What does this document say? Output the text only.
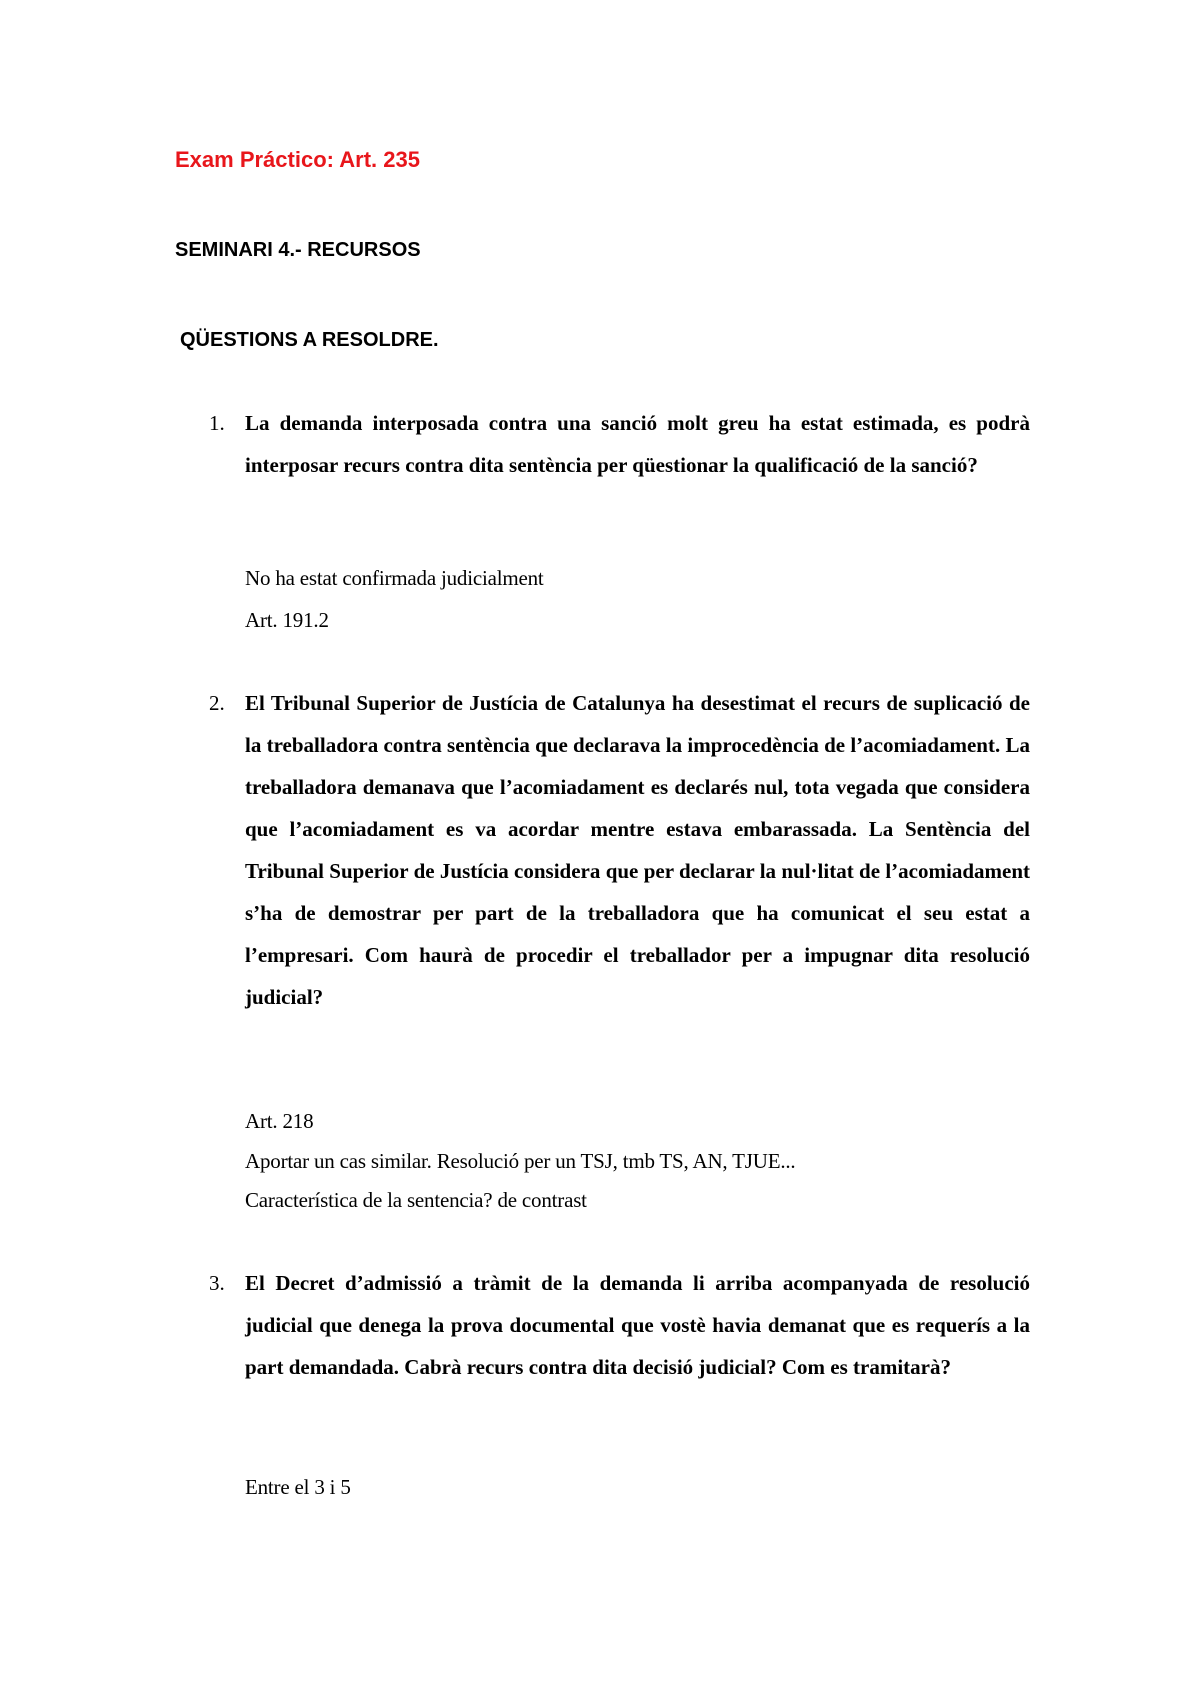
Exam Práctico: Art. 235
SEMINARI 4.- RECURSOS
QÜESTIONS A RESOLDRE.
1. La demanda interposada contra una sanció molt greu ha estat estimada, es podrà interposar recurs contra dita sentència per qüestionar la qualificació de la sanció?
No ha estat confirmada judicialment
Art. 191.2
2. El Tribunal Superior de Justícia de Catalunya ha desestimat el recurs de suplicació de la treballadora contra sentència que declarava la improcedència de l’acomiadament. La treballadora demanava que l’acomiadament es declarés nul, tota vegada que considera que l’acomiadament es va acordar mentre estava embarassada. La Sentència del Tribunal Superior de Justícia considera que per declarar la nul·litat de l’acomiadament s’ha de demostrar per part de la treballadora que ha comunicat el seu estat a l’empresari. Com haurà de procedir el treballador per a impugnar dita resolució judicial?
Art. 218
Aportar un cas similar. Resolució per un TSJ, tmb TS, AN, TJUE...
Característica de la sentencia? de contrast
3. El Decret d’admissió a tràmit de la demanda li arriba acompanyada de resolució judicial que denega la prova documental que vostè havia demanat que es requerís a la part demandada. Cabrà recurs contra dita decisió judicial? Com es tramitarà?
Entre el 3 i 5
